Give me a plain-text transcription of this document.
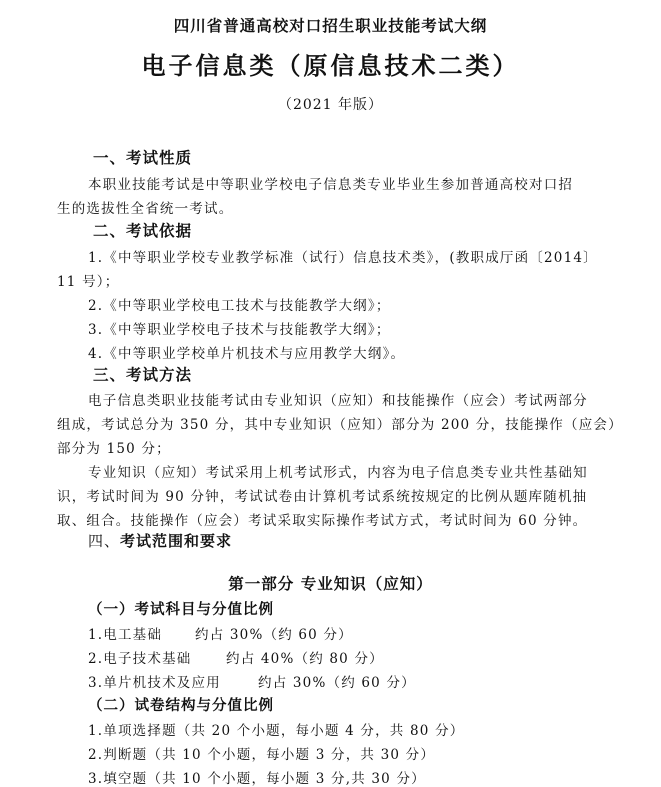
四川省普通高校对口招生职业技能考试大纲
电子信息类（原信息技术二类）
（2021 年版）
一、考试性质
本职业技能考试是中等职业学校电子信息类专业毕业生参加普通高校对口招
生的选拔性全省统一考试。
二、考试依据
1.《中等职业学校专业教学标准（试行）信息技术类》，(教职成厅函〔2014〕
11 号）；
2.《中等职业学校电工技术与技能教学大纲》；
3.《中等职业学校电子技术与技能教学大纲》；
4.《中等职业学校单片机技术与应用教学大纲》。
三、考试方法
电子信息类职业技能考试由专业知识（应知）和技能操作（应会）考试两部分
组成，考试总分为 350 分，其中专业知识（应知）部分为 200 分，技能操作（应会）
部分为 150 分；
专业知识（应知）考试采用上机考试形式，内容为电子信息类专业共性基础知
识，考试时间为 90 分钟，考试试卷由计算机考试系统按规定的比例从题库随机抽
取、组合。技能操作（应会）考试采取实际操作考试方式，考试时间为 60 分钟。
四、考试范围和要求
第一部分 专业知识（应知）
（一）考试科目与分值比例
1.电工基础 约占 30%（约 60 分）
2.电子技术基础	约占 40%（约 80 分）
3.单片机技术及应用	约占 30%（约 60 分）
（二）试卷结构与分值比例
1.单项选择题（共 20 个小题，每小题 4 分，共 80 分）
2.判断题（共 10 个小题，每小题 3 分，共 30 分）
3.填空题（共 10 个小题，每小题 3 分,共 30 分）
